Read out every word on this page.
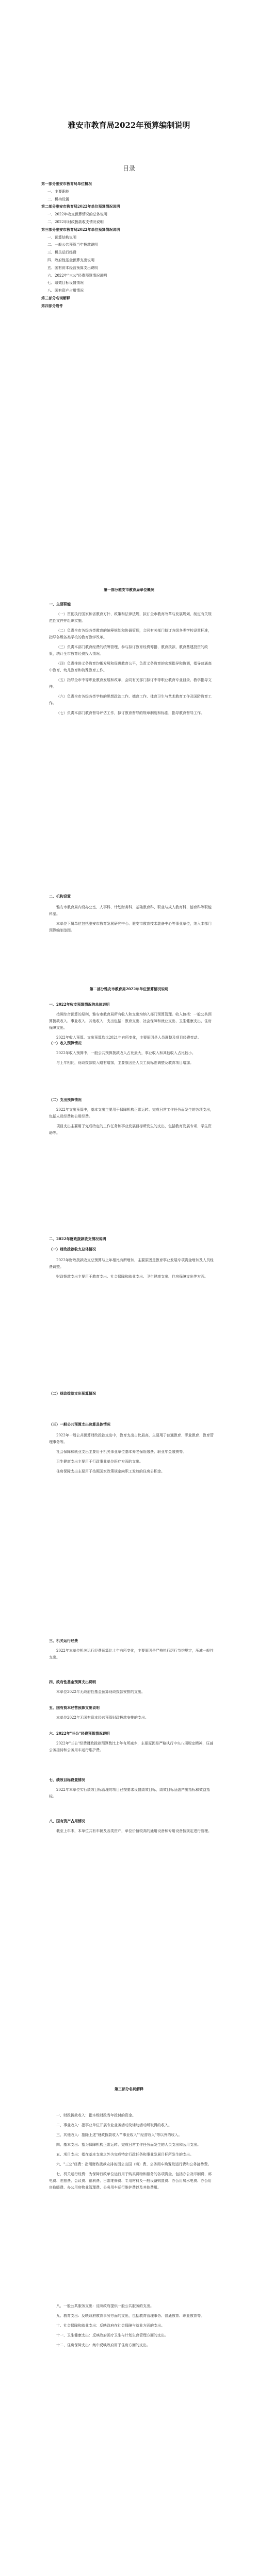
雅安市教育局2022年预算编制说明
目录
第一部分雅安市教育局单位概况
一、主要职能
二、机构设置
第二部分雅安市教育局2022年单位预算情况说明
一、2022年收支预算情况的总体说明
二、2022年财政拨款收支情况说明
第三部分雅安市教育局2022年单位预算情况说明
一、预算结构说明
二、一般公共预算当年拨款说明
三、机关运行经费
四、政府性基金预算支出说明
五、国有资本经营预算支出说明
六、2022年"三公"经费预算情况说明
七、绩效目标设置情况
八、国有资产占用情况
第三部分名词解释
第四部分附件
第一部分雅安市教育局单位概况
一、主要职能
（一）贯彻执行国家和省教育方针、政策和法律法规，拟订全市教育改革与发展规划，制定有关规范性文件并组织实施。
（二）负责全市各级各类教育的统筹规划和协调管理，会同有关部门拟订各级各类学校设置标准，指导各级各类学校的教育教学改革。
（三）负责本部门教育经费的统筹管理，参与拟订教育经费筹措、教育拨款、教育基建投资的政策，统计全市教育经费投入情况。
（四）负责推进义务教育均衡发展和促进教育公平，负责义务教育的宏观指导和协调，指导普通高中教育、幼儿教育和特殊教育工作。
（五）指导全市中等职业教育发展和改革，会同有关部门拟订中等职业教育专业目录、教学指导文件。
（六）负责全市各级各类学校的思想政治工作、德育工作、体育卫生与艺术教育工作及国防教育工作。
（七）负责本部门教育督导评估工作，拟订教育督导的规章制度和标准，指导教育督导工作。
二、机构设置
雅安市教育局内设办公室、人事科、计划财务科、基础教育科、职业与成人教育科、德育科等职能科室。
本单位下属单位包括雅安市教育发展研究中心、雅安市教育技术装备中心等事业单位，纳入本部门预算编制范围。
第二部分雅安市教育局2022年单位预算情况说明
一、2022年收支预算情况的总体说明
按照综合预算的原则，雅安市教育局所有收入和支出均纳入部门预算管理。收入包括：一般公共预算拨款收入、事业收入、其他收入；支出包括：教育支出、社会保障和就业支出、卫生健康支出、住房保障支出。
2022年收入预算、支出预算均比2021年有所变化，主要原因是人员调整及项目经费变动。
（一）收入预算情况
2022年收入预算中，一般公共预算拨款收入占比最大，事业收入和其他收入占比较小。
与上年相比，财政拨款收入略有增加，主要原因是人员工资标准调整及教育项目增加。
（二）支出预算情况
2022年支出预算中，基本支出主要用于保障机构正常运转、完成日常工作任务而发生的各项支出，包括人员经费和公用经费。
项目支出主要用于完成特定的工作任务和事业发展目标所发生的支出，包括教育发展专项、学生资助等。
二、2022年财政拨款收支情况说明
（一）财政拨款收支总体情况
2022年财政拨款收支总预算与上年相比有所增加，主要原因是教育事业发展专项资金增加及人员经费调整。
财政拨款支出主要用于教育支出、社会保障和就业支出、卫生健康支出、住房保障支出等方面。
（二）财政拨款支出预算情况
（三）一般公共预算支出决算具体情况
2022年一般公共预算财政拨款支出中，教育支出占比最高，主要用于普通教育、职业教育、教育管理事务等。
社会保障和就业支出主要用于机关事业单位基本养老保险缴费、职业年金缴费等。
卫生健康支出主要用于行政事业单位医疗方面的支出。
住房保障支出主要用于按照国家政策规定向职工发放的住房公积金。
三、机关运行经费
2022年本单位机关运行经费预算比上年有所变化，主要原因是严格执行厉行节约规定，压减一般性支出。
四、政府性基金预算支出说明
本单位2022年无政府性基金预算财政拨款安排的支出。
五、国有资本经营预算支出说明
本单位2022年无国有资本经营预算财政拨款安排的支出。
六、2022年"三公"经费预算情况说明
2022年"三公"经费财政拨款预算数比上年有所减少，主要原因是严格执行中央八项规定精神，压减公务接待和公务用车运行维护费。
七、绩效目标设置情况
2022年本单位实行绩效目标管理的项目已按要求设置绩效目标，绩效目标涵盖产出指标和效益指标。
八、国有资产占用情况
截至上年末，本单位共有车辆及各类资产，单位价值较高的通用设备和专用设备按规定进行管理。
第三部分名词解释
一、财政拨款收入：指本级财政当年拨付的资金。
二、事业收入：指事业单位开展专业业务活动及辅助活动所取得的收入。
三、其他收入：指除上述"财政拨款收入""事业收入""经营收入"等以外的收入。
四、基本支出：指为保障机构正常运转、完成日常工作任务而发生的人员支出和公用支出。
五、项目支出：指在基本支出之外为完成特定行政任务和事业发展目标所发生的支出。
六、"三公"经费：指用财政拨款安排的因公出国（境）费、公务用车购置及运行费和公务接待费。
七、机关运行经费：为保障行政单位运行用于购买货物和服务的各项资金，包括办公及印刷费、邮电费、差旅费、会议费、福利费、日常维修费、专用材料及一般设备购置费、办公用房水电费、办公用房取暖费、办公用房物业管理费、公务用车运行维护费以及其他费用。
八、一般公共服务支出：反映政府提供一般公共服务的支出。
九、教育支出：反映政府教育事务方面的支出，包括教育管理事务、普通教育、职业教育等。
十、社会保障和就业支出：反映政府在社会保障与就业方面的支出。
十一、卫生健康支出：反映政府医疗卫生与计划生育管理方面的支出。
十二、住房保障支出：集中反映政府用于住房方面的支出。
